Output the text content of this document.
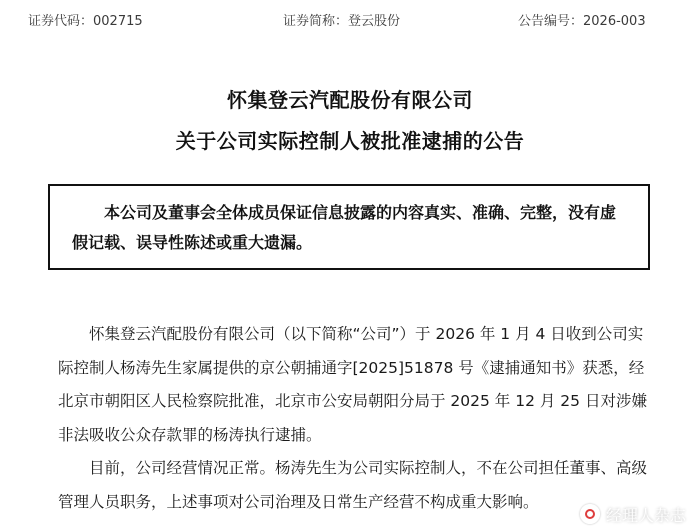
证券代码：002715	证券简称：登云股份	公告编号：2026-003
怀集登云汽配股份有限公司
关于公司实际控制人被批准逮捕的公告
本公司及董事会全体成员保证信息披露的内容真实、准确、完整，没有虚假记载、误导性陈述或重大遗漏。
怀集登云汽配股份有限公司（以下简称“公司”）于 2026 年 1 月 4 日收到公司实际控制人杨涛先生家属提供的京公朝捕通字[2025]51878 号《逮捕通知书》获悉，经北京市朝阳区人民检察院批准，北京市公安局朝阳分局于 2025 年 12 月 25 日对涉嫌非法吸收公众存款罪的杨涛执行逮捕。
目前，公司经营情况正常。杨涛先生为公司实际控制人，不在公司担任董事、高级管理人员职务，上述事项对公司治理及日常生产经营不构成重大影响。
经理人杂志
